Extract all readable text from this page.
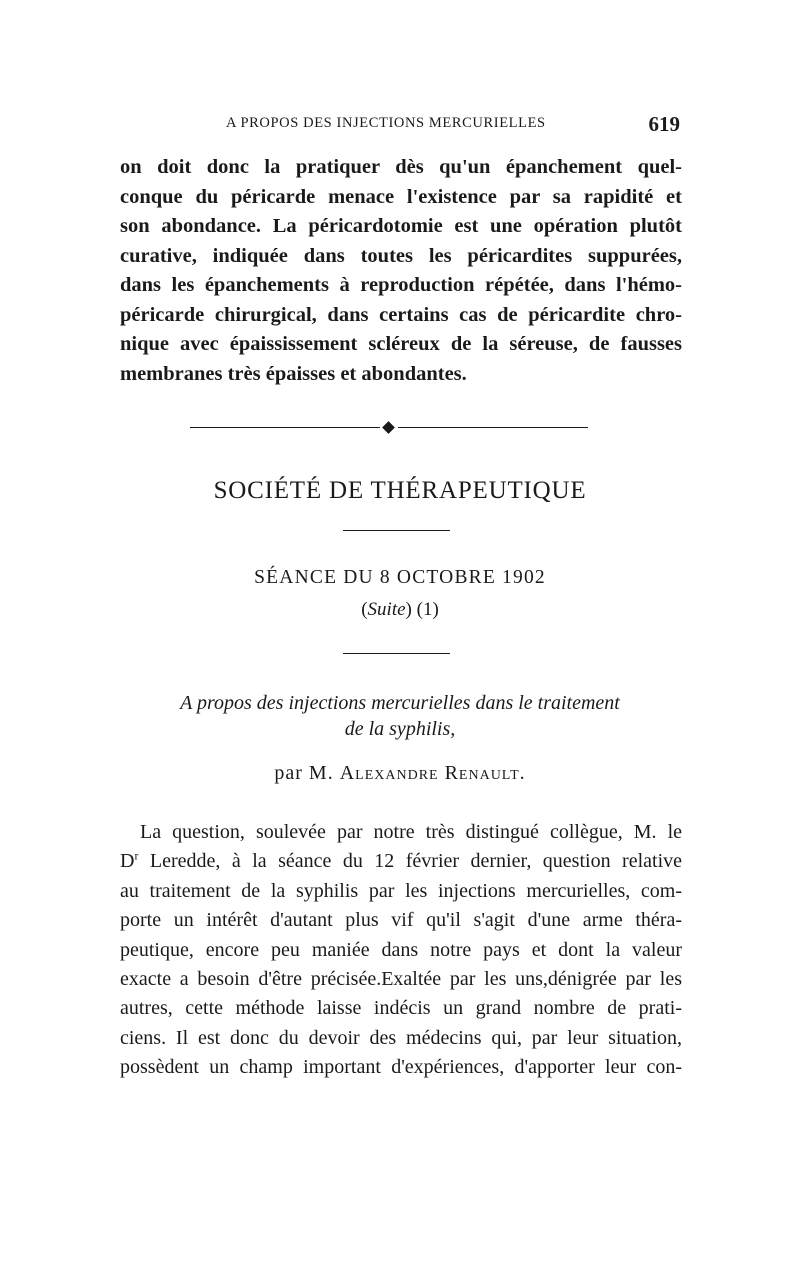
A PROPOS DES INJECTIONS MERCURIELLES	619
on doit donc la pratiquer dès qu'un épanchement quel-
conque du péricarde menace l'existence par sa rapidité et
son abondance. La péricardotomie est une opération plutôt
curative, indiquée dans toutes les péricardites suppurées,
dans les épanchements à reproduction répétée, dans l'hémo-
péricarde chirurgical, dans certains cas de péricardite chro-
nique avec épaississement scléreux de la séreuse, de fausses
membranes très épaisses et abondantes.
SOCIÉTÉ DE THÉRAPEUTIQUE
SÉANCE DU 8 OCTOBRE 1902
(Suite) (1)
A propos des injections mercurielles dans le traitement
de la syphilis,
par M. Alexandre Renault.
La question, soulevée par notre très distingué collègue, M. le
$D^r$ Leredde, à la séance du 12 février dernier, question relative
au traitement de la syphilis par les injections mercurielles, com-
porte un intérêt d'autant plus vif qu'il s'agit d'une arme théra-
peutique, encore peu maniée dans notre pays et dont la valeur
exacte a besoin d'être précisée.Exaltée par les uns,dénigrée par les
autres, cette méthode laisse indécis un grand nombre de prati-
ciens. Il est donc du devoir des médecins qui, par leur situation,
possèdent un champ important d'expériences, d'apporter leur con-
